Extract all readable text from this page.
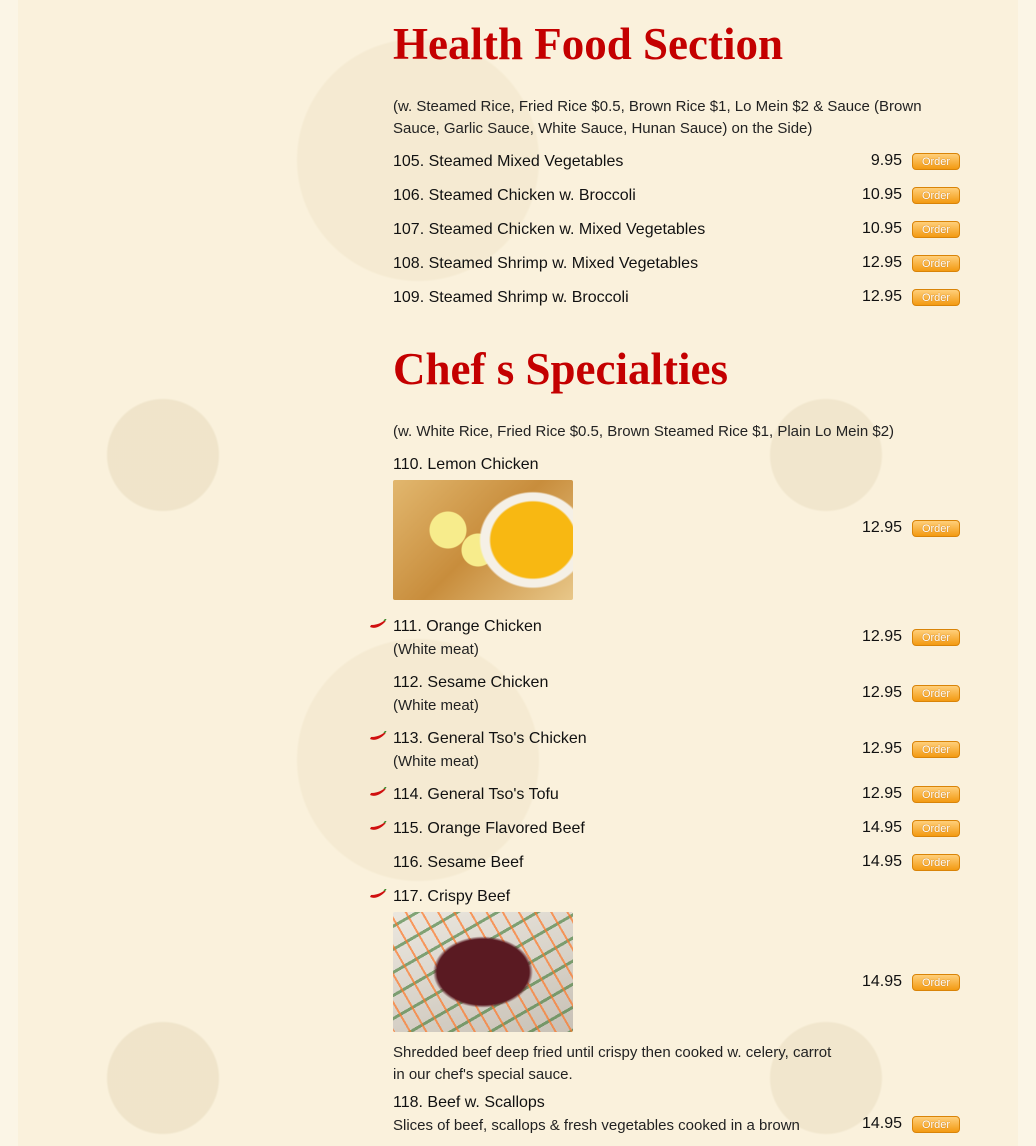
Health Food Section
(w. Steamed Rice, Fried Rice $0.5, Brown Rice $1, Lo Mein $2 & Sauce (Brown Sauce, Garlic Sauce, White Sauce, Hunan Sauce) on the Side)
105. Steamed Mixed Vegetables	9.95	Order
106. Steamed Chicken w. Broccoli	10.95	Order
107. Steamed Chicken w. Mixed Vegetables	10.95	Order
108. Steamed Shrimp w. Mixed Vegetables	12.95	Order
109. Steamed Shrimp w. Broccoli	12.95	Order
Chef s Specialties
(w. White Rice, Fried Rice $0.5, Brown Steamed Rice $1, Plain Lo Mein $2)
110. Lemon Chicken
12.95	Order
111. Orange Chicken
(White meat)
12.95	Order
112. Sesame Chicken
(White meat)
12.95	Order
113. General Tso's Chicken
(White meat)
12.95	Order
114. General Tso's Tofu	12.95	Order
115. Orange Flavored Beef	14.95	Order
116. Sesame Beef	14.95	Order
117. Crispy Beef
Shredded beef deep fried until crispy then cooked w. celery, carrot in our chef's special sauce.
14.95	Order
118. Beef w. Scallops
Slices of beef, scallops & fresh vegetables cooked in a brown	14.95	Order
